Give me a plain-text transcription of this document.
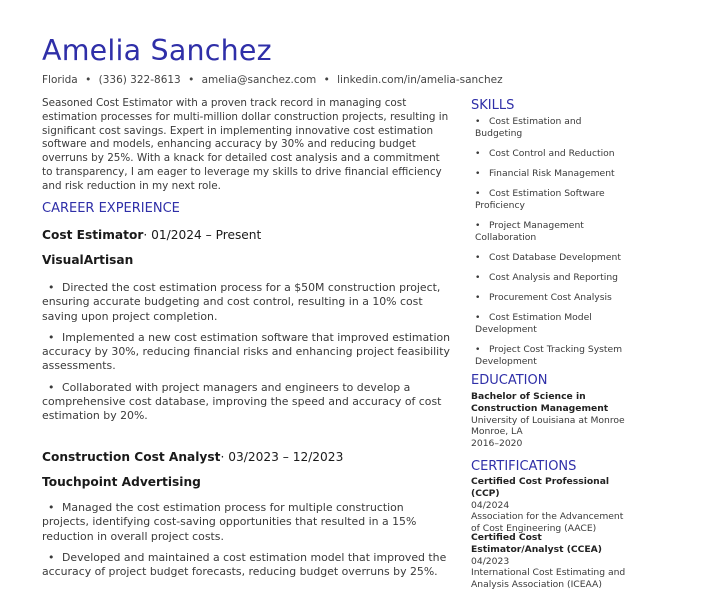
Amelia Sanchez
Florida • (336) 322-8613 • amelia@sanchez.com • linkedin.com/in/amelia-sanchez

Seasoned Cost Estimator with a proven track record in managing cost estimation processes for multi-million dollar construction projects, resulting in significant cost savings. Expert in implementing innovative cost estimation software and models, enhancing accuracy by 30% and reducing budget overruns by 25%. With a knack for detailed cost analysis and a commitment to transparency, I am eager to leverage my skills to drive financial efficiency and risk reduction in my next role.

CAREER EXPERIENCE
Cost Estimator· 01/2024 – Present
VisualArtisan
• Directed the cost estimation process for a $50M construction project, ensuring accurate budgeting and cost control, resulting in a 10% cost saving upon project completion.
• Implemented a new cost estimation software that improved estimation accuracy by 30%, reducing financial risks and enhancing project feasibility assessments.
• Collaborated with project managers and engineers to develop a comprehensive cost database, improving the speed and accuracy of cost estimation by 20%.
Construction Cost Analyst· 03/2023 – 12/2023
Touchpoint Advertising
• Managed the cost estimation process for multiple construction projects, identifying cost-saving opportunities that resulted in a 15% reduction in overall project costs.
• Developed and maintained a cost estimation model that improved the accuracy of project budget forecasts, reducing budget overruns by 25%.
SKILLS
• Cost Estimation and Budgeting
• Cost Control and Reduction
• Financial Risk Management
• Cost Estimation Software Proficiency
• Project Management Collaboration
• Cost Database Development
• Cost Analysis and Reporting
• Procurement Cost Analysis
• Cost Estimation Model Development
• Project Cost Tracking System Development
EDUCATION
Bachelor of Science in Construction Management
University of Louisiana at Monroe
Monroe, LA
2016–2020
CERTIFICATIONS
Certified Cost Professional (CCP)
04/2024
Association for the Advancement of Cost Engineering (AACE)
Certified Cost Estimator/Analyst (CCEA)
04/2023
International Cost Estimating and Analysis Association (ICEAA)
